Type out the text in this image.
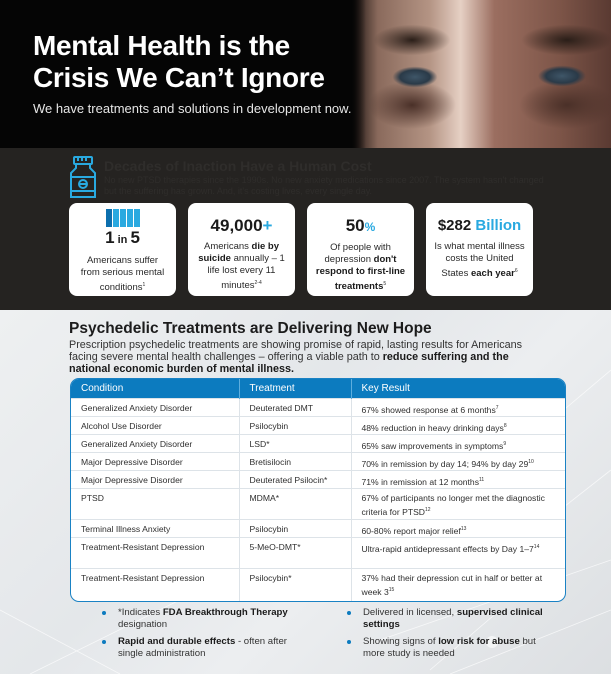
Mental Health is the
Crisis We Can’t Ignore
We have treatments and solutions in development now.
Decades of Inaction Have a Human Cost
No new PTSD therapies since the 1990s. No new anxiety medications since 2007. The system hasn't changed but the suffering has grown. And, it's costing lives, every single day.
1 in 5
Americans suffer from serious mental conditions$^1$
49,000+
Americans die by suicide annually – 1 life lost every 11 minutes$^{2-4}$
50%
Of people with depression don't respond to first-line treatments$^5$
$282 Billion
Is what mental illness costs the United States each year$^6$
Psychedelic Treatments are Delivering New Hope
Prescription psychedelic treatments are showing promise of rapid, lasting results for Americans facing severe mental health challenges – offering a viable path to reduce suffering and the national economic burden of mental illness.
Condition	Treatment	Key Result
Generalized Anxiety Disorder	Deuterated DMT	67% showed response at 6 months$^7$
Alcohol Use Disorder	Psilocybin	48% reduction in heavy drinking days$^8$
Generalized Anxiety Disorder	LSD*	65% saw improvements in symptoms$^9$
Major Depressive Disorder	Bretisilocin	70% in remission by day 14; 94% by day $29^{10}$
Major Depressive Disorder	Deuterated Psilocin*	71% in remission at 12 months$^{11}$
PTSD	MDMA*	67% of participants no longer met the diagnostic criteria for PTSD$^{12}$
Terminal Illness Anxiety	Psilocybin	60-80% report major relief$^{13}$
Treatment-Resistant Depression	5-MeO-DMT*	Ultra-rapid antidepressant effects by Day $1-7^{14}$
Treatment-Resistant Depression	Psilocybin*	37% had their depression cut in half or better at week $3^{15}$
*Indicates FDA Breakthrough Therapy designation
Rapid and durable effects - often after single administration
Delivered in licensed, supervised clinical settings
Showing signs of low risk for abuse but more study is needed
